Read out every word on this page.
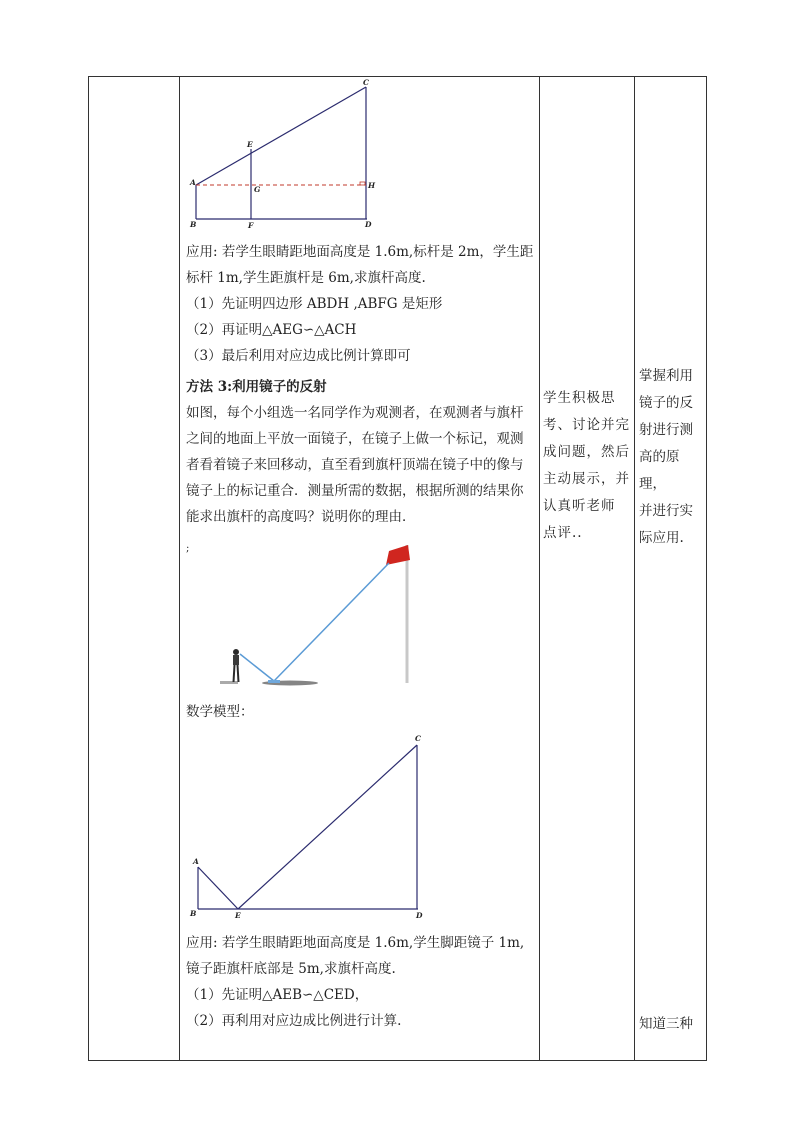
C
E
A
G	H
B	F	D
应用: 若学生眼睛距地面高度是 1.6m,标杆是 2m，学生距
标杆 1m,学生距旗杆是 6m,求旗杆高度.
（1）先证明四边形 ABDH ,ABFG 是矩形
（2）再证明△AEG∽△ACH
（3）最后利用对应边成比例计算即可
方法 3:利用镜子的反射
如图，每个小组选一名同学作为观测者，在观测者与旗杆
之间的地面上平放一面镜子，在镜子上做一个标记，观测
者看着镜子来回移动，直至看到旗杆顶端在镜子中的像与
镜子上的标记重合．测量所需的数据，根据所测的结果你
能求出旗杆的高度吗？说明你的理由．
;
数学模型：
C
A
B	E	D
应用: 若学生眼睛距地面高度是 1.6m,学生脚距镜子 1m,
镜子距旗杆底部是 5m,求旗杆高度.
（1）先证明△AEB∽△CED，
（2）再利用对应边成比例进行计算.
学生积极思
考、讨论并完
成问题，然后
主动展示，并
认真听老师
点评..
掌握利用
镜子的反
射进行测
高的原理，
并进行实
际应用.
知道三种
